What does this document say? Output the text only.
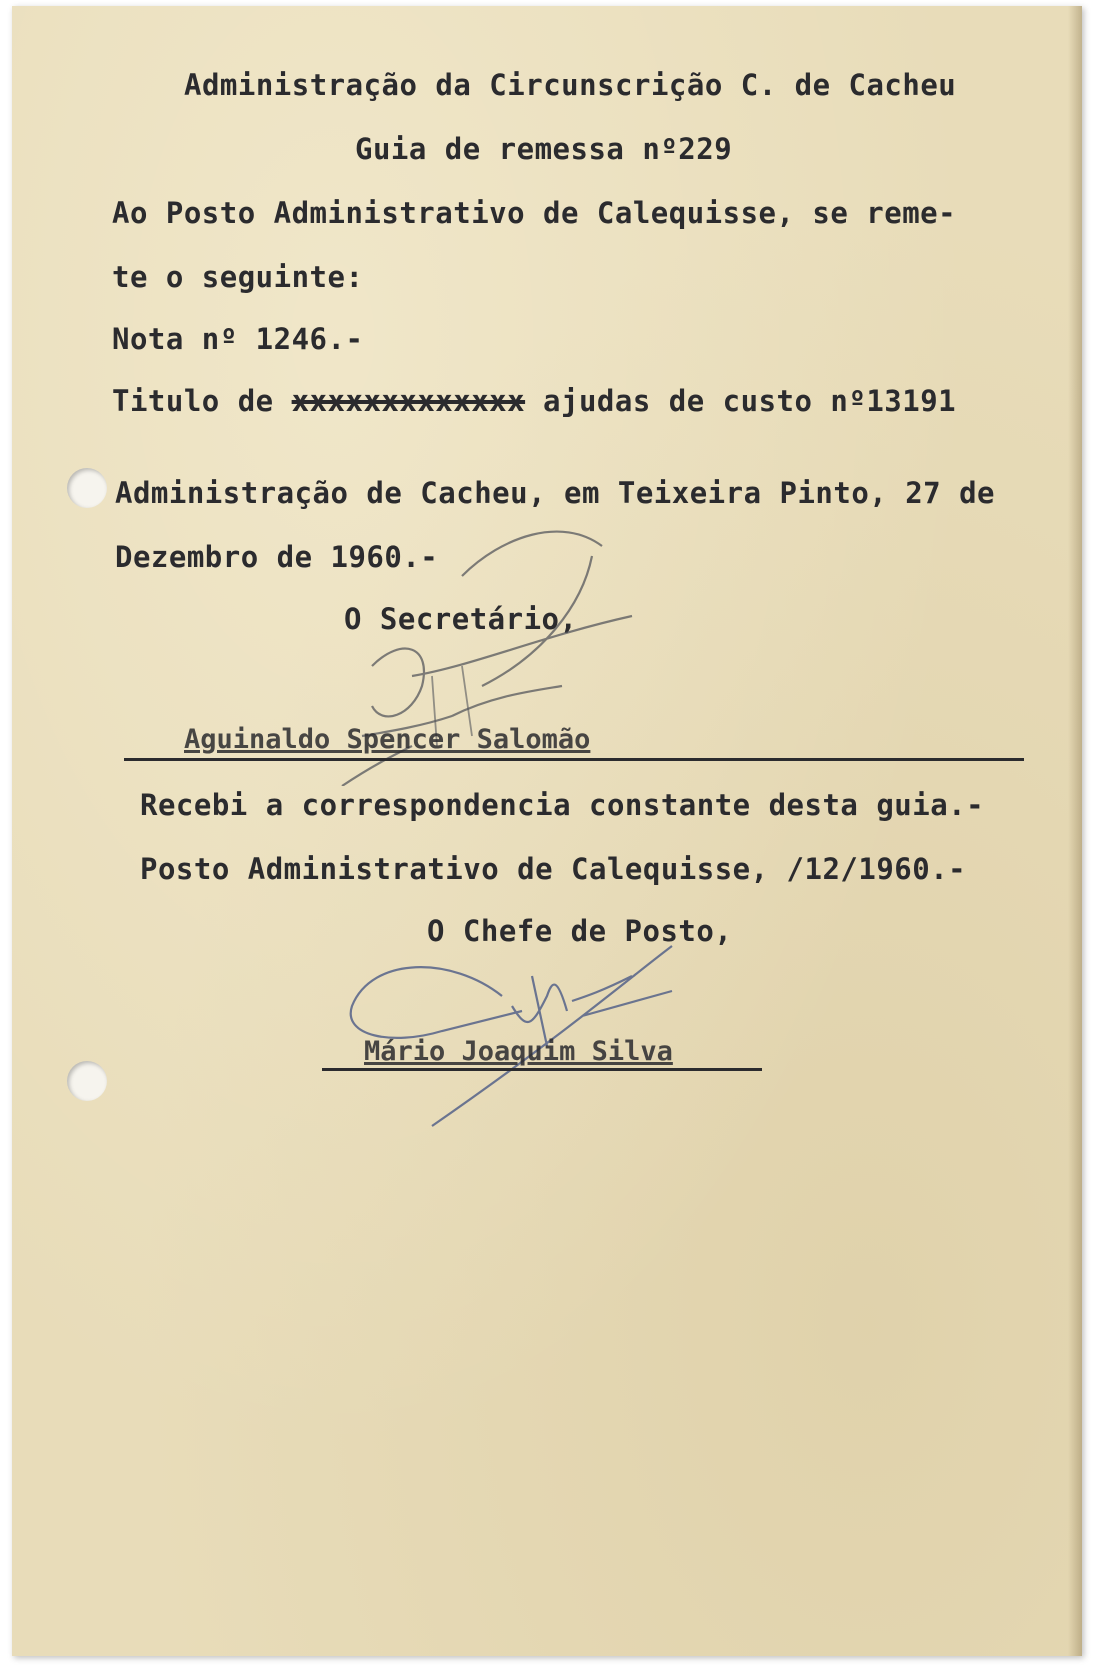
Administração da Circunscrição C. de Cacheu
Guia de remessa nº229
Ao Posto Administrativo de Calequisse, se reme-
te o seguinte:
Nota nº 1246.-
Titulo de xxxxxxxxxxxxx ajudas de custo nº13191
Administração de Cacheu, em Teixeira Pinto, 27 de
Dezembro de 1960.-
O Secretário,
Aguinaldo Spencer Salomão
Recebi a correspondencia constante desta guia.-
Posto Administrativo de Calequisse, /12/1960.-
O Chefe de Posto,
Mário Joaquim Silva
